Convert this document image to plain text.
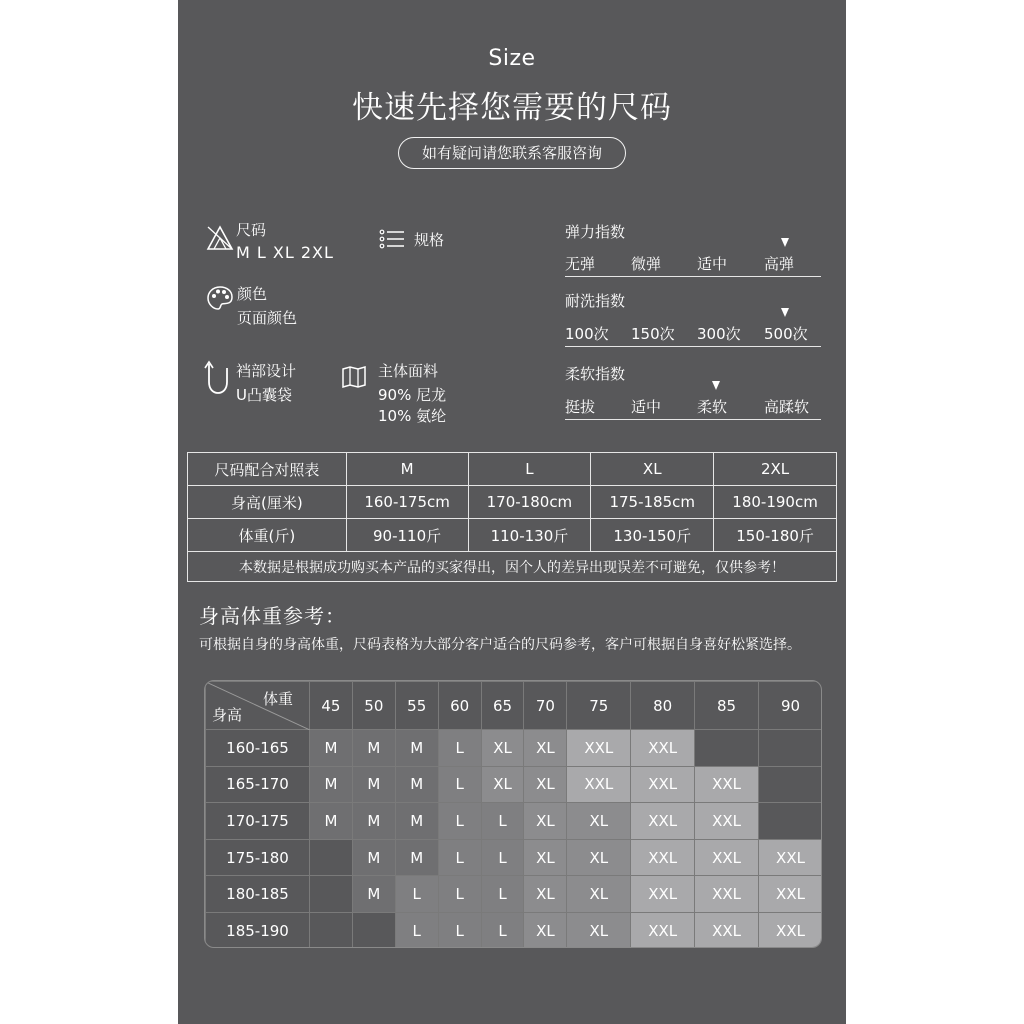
Size
快速先择您需要的尺码
如有疑问请您联系客服咨询
尺码
M L XL 2XL
规格
颜色
页面颜色
裆部设计
U凸囊袋
主体面料
90% 尼龙
10% 氨纶
弹力指数
无弹 微弹 适中 高弹
耐洗指数
100次 150次 300次 500次
柔软指数
挺拔 适中 柔软 高蹂软
尺码配合对照表	M	L	XL	2XL
身高(厘米)	160-175cm	170-180cm	175-185cm	180-190cm
体重(斤)	90-110斤	110-130斤	130-150斤	150-180斤
本数据是根据成功购买本产品的买家得出，因个人的差异出现误差不可避免，仅供参考！				
身高体重参考：
可根据自身的身高体重，尺码表格为大部分客户适合的尺码参考，客户可根据自身喜好松紧选择。
体重
身高	45	50	55	60	65	70	75	80	85	90
160-165	M	M	M	L	XL	XL	XXL	XXL		
165-170	M	M	M	L	XL	XL	XXL	XXL	XXL	
170-175	M	M	M	L	L	XL	XL	XXL	XXL	
175-180		M	M	L	L	XL	XL	XXL	XXL	XXL
180-185		M	L	L	L	XL	XL	XXL	XXL	XXL
185-190			L	L	L	XL	XL	XXL	XXL	XXL
